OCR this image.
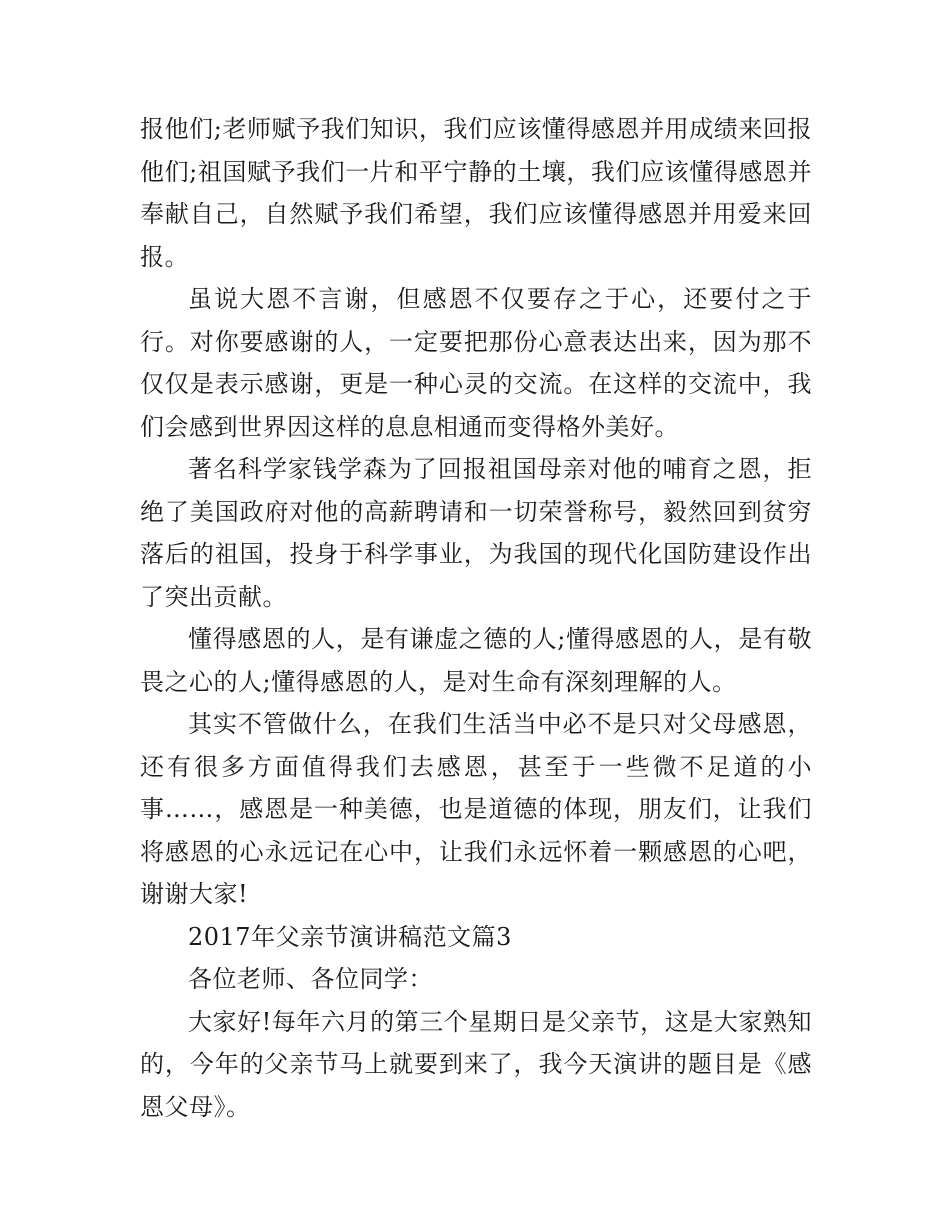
报他们;老师赋予我们知识，我们应该懂得感恩并用成绩来回报他们;祖国赋予我们一片和平宁静的土壤，我们应该懂得感恩并奉献自己，自然赋予我们希望，我们应该懂得感恩并用爱来回报。

虽说大恩不言谢，但感恩不仅要存之于心，还要付之于行。对你要感谢的人，一定要把那份心意表达出来，因为那不仅仅是表示感谢，更是一种心灵的交流。在这样的交流中，我们会感到世界因这样的息息相通而变得格外美好。

著名科学家钱学森为了回报祖国母亲对他的哺育之恩，拒绝了美国政府对他的高薪聘请和一切荣誉称号，毅然回到贫穷落后的祖国，投身于科学事业，为我国的现代化国防建设作出了突出贡献。

懂得感恩的人，是有谦虚之德的人;懂得感恩的人，是有敬畏之心的人;懂得感恩的人，是对生命有深刻理解的人。

其实不管做什么，在我们生活当中必不是只对父母感恩，还有很多方面值得我们去感恩，甚至于一些微不足道的小事……，感恩是一种美德，也是道德的体现，朋友们，让我们将感恩的心永远记在心中，让我们永远怀着一颗感恩的心吧，谢谢大家!

2017年父亲节演讲稿范文篇3

各位老师、各位同学：

大家好!每年六月的第三个星期日是父亲节，这是大家熟知的，今年的父亲节马上就要到来了，我今天演讲的题目是《感恩父母》。
